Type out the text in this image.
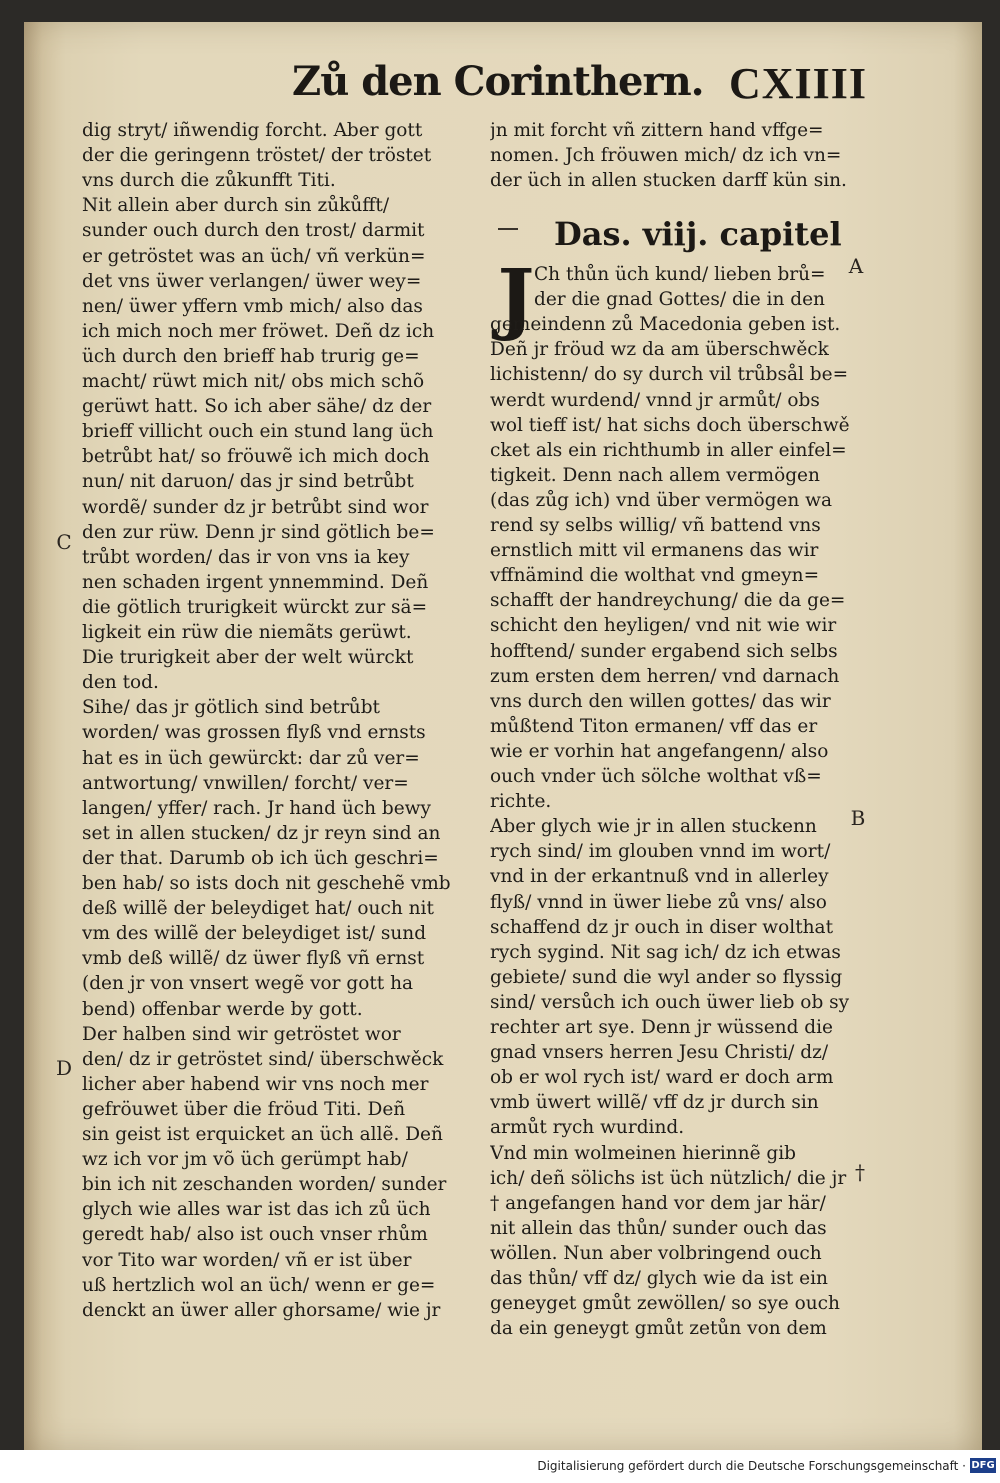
Zů den Corinthern. CXIIII
dig stryt/ iñwendig forcht. Aber gott
der die geringenn tröstet/ der tröstet
vns durch die zůkunfft Titi.
Nit allein aber durch sin zůkůfft/
sunder ouch durch den trost/ darmit
er getröstet was an üch/ vñ verkün=
det vns üwer verlangen/ üwer wey=
nen/ üwer yffern vmb mich/ also das
ich mich noch mer fröwet. Deñ dz ich
üch durch den brieff hab trurig ge=
macht/ rüwt mich nit/ obs mich schõ
gerüwt hatt. So ich aber sähe/ dz der
brieff villicht ouch ein stund lang üch
betrůbt hat/ so fröuwẽ ich mich doch
nun/ nit daruon/ das jr sind betrůbt
wordẽ/ sunder dz jr betrůbt sind wor
den zur rüw. Denn jr sind götlich be=
trůbt worden/ das ir von vns ia key
nen schaden irgent ynnemmind. Deñ
die götlich trurigkeit würckt zur sä=
ligkeit ein rüw die niemãts gerüwt.
Die trurigkeit aber der welt würckt
den tod.
Sihe/ das jr götlich sind betrůbt
worden/ was grossen flyß vnd ernsts
hat es in üch gewürckt: dar zů ver=
antwortung/ vnwillen/ forcht/ ver=
langen/ yffer/ rach. Jr hand üch bewy
set in allen stucken/ dz jr reyn sind an
der that. Darumb ob ich üch geschri=
ben hab/ so ists doch nit geschehẽ vmb
deß willẽ der beleydiget hat/ ouch nit
vm des willẽ der beleydiget ist/ sund
vmb deß willẽ/ dz üwer flyß vñ ernst
(den jr von vnsert wegẽ vor gott ha
bend) offenbar werde by gott.
Der halben sind wir getröstet wor
den/ dz ir getröstet sind/ überschwěck
licher aber habend wir vns noch mer
gefröuwet über die fröud Titi. Deñ
sin geist ist erquicket an üch allẽ. Deñ
wz ich vor jm võ üch gerümpt hab/
bin ich nit zeschanden worden/ sunder
glych wie alles war ist das ich zů üch
geredt hab/ also ist ouch vnser rhům
vor Tito war worden/ vñ er ist über
uß hertzlich wol an üch/ wenn er ge=
denckt an üwer aller ghorsame/ wie jr
Das. viij. capitel
J
jn mit forcht vñ zittern hand vffge=
nomen. Jch fröuwen mich/ dz ich vn=
der üch in allen stucken darff kün sin.
Ch thůn üch kund/ lieben brů=
der die gnad Gottes/ die in den
gemeindenn zů Macedonia geben ist.
Deñ jr fröud wz da am überschwěck
lichistenn/ do sy durch vil trůbsål be=
werdt wurdend/ vnnd jr armůt/ obs
wol tieff ist/ hat sichs doch überschwě
cket als ein richthumb in aller einfel=
tigkeit. Denn nach allem vermögen
(das zůg ich) vnd über vermögen wa
rend sy selbs willig/ vñ battend vns
ernstlich mitt vil ermanens das wir
vffnämind die wolthat vnd gmeyn=
schafft der handreychung/ die da ge=
schicht den heyligen/ vnd nit wie wir
hofftend/ sunder ergabend sich selbs
zum ersten dem herren/ vnd darnach
vns durch den willen gottes/ das wir
můßtend Titon ermanen/ vff das er
wie er vorhin hat angefangenn/ also
ouch vnder üch sölche wolthat vß=
richte.
Aber glych wie jr in allen stuckenn
rych sind/ im glouben vnnd im wort/
vnd in der erkantnuß vnd in allerley
flyß/ vnnd in üwer liebe zů vns/ also
schaffend dz jr ouch in diser wolthat
rych sygind. Nit sag ich/ dz ich etwas
gebiete/ sund die wyl ander so flyssig
sind/ versůch ich ouch üwer lieb ob sy
rechter art sye. Denn jr wüssend die
gnad vnsers herren Jesu Christi/ dz/
ob er wol rych ist/ ward er doch arm
vmb üwert willẽ/ vff dz jr durch sin
armůt rych wurdind.
Vnd min wolmeinen hierinnẽ gib
ich/ deñ sölichs ist üch nützlich/ die jr
† angefangen hand vor dem jar här/
nit allein das thůn/ sunder ouch das
wöllen. Nun aber volbringend ouch
das thůn/ vff dz/ glych wie da ist ein
geneyget gmůt zewöllen/ so sye ouch
da ein geneygt gmůt zetůn von dem
C
D
A
B
†
Digitalisierung gefördert durch die Deutsche Forschungsgemeinschaft · DFG
